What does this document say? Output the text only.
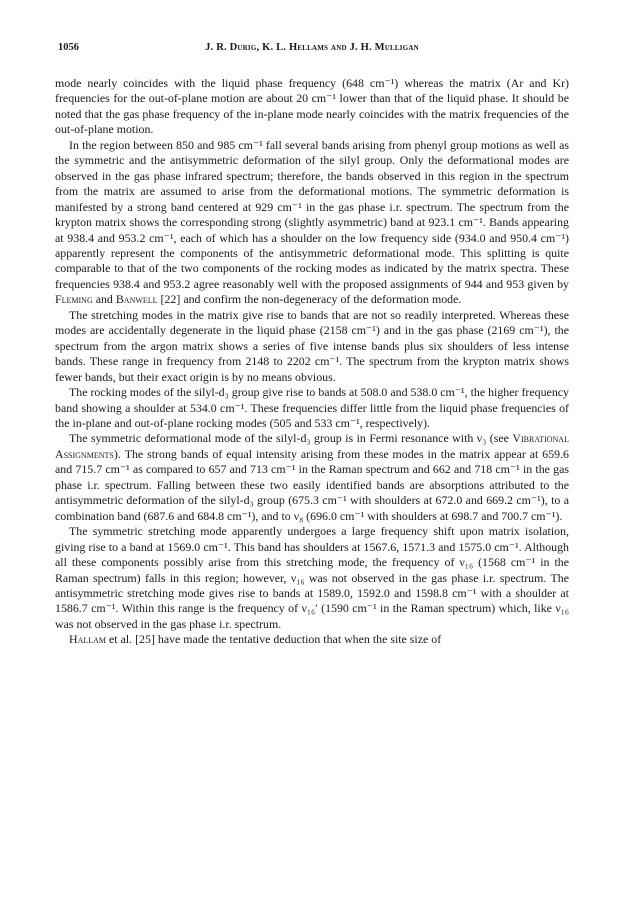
1056	J. R. Durig, K. L. Hellams and J. H. Mulligan

mode nearly coincides with the liquid phase frequency (648 cm⁻¹) whereas the matrix (Ar and Kr) frequencies for the out-of-plane motion are about 20 cm⁻¹ lower than that of the liquid phase. It should be noted that the gas phase frequency of the in-plane mode nearly coincides with the matrix frequencies of the out-of-plane motion.

In the region between 850 and 985 cm⁻¹ fall several bands arising from phenyl group motions as well as the symmetric and the antisymmetric deformation of the silyl group. Only the deformational modes are observed in the gas phase infrared spectrum; therefore, the bands observed in this region in the spectrum from the matrix are assumed to arise from the deformational motions. The symmetric deformation is manifested by a strong band centered at 929 cm⁻¹ in the gas phase i.r. spectrum. The spectrum from the krypton matrix shows the corresponding strong (slightly asymmetric) band at 923.1 cm⁻¹. Bands appearing at 938.4 and 953.2 cm⁻¹, each of which has a shoulder on the low frequency side (934.0 and 950.4 cm⁻¹) apparently represent the components of the antisymmetric deformational mode. This splitting is quite comparable to that of the two components of the rocking modes as indicated by the matrix spectra. These frequencies 938.4 and 953.2 agree reasonably well with the proposed assignments of 944 and 953 given by Fleming and Banwell [22] and confirm the non-degeneracy of the deformation mode.

The stretching modes in the matrix give rise to bands that are not so readily interpreted. Whereas these modes are accidentally degenerate in the liquid phase (2158 cm⁻¹) and in the gas phase (2169 cm⁻¹), the spectrum from the argon matrix shows a series of five intense bands plus six shoulders of less intense bands. These range in frequency from 2148 to 2202 cm⁻¹. The spectrum from the krypton matrix shows fewer bands, but their exact origin is by no means obvious.

The rocking modes of the silyl-d₃ group give rise to bands at 508.0 and 538.0 cm⁻¹, the higher frequency band showing a shoulder at 534.0 cm⁻¹. These frequencies differ little from the liquid phase frequencies of the in-plane and out-of-plane rocking modes (505 and 533 cm⁻¹, respectively).

The symmetric deformational mode of the silyl-d₃ group is in Fermi resonance with ν₃ (see Vibrational Assignments). The strong bands of equal intensity arising from these modes in the matrix appear at 659.6 and 715.7 cm⁻¹ as compared to 657 and 713 cm⁻¹ in the Raman spectrum and 662 and 718 cm⁻¹ in the gas phase i.r. spectrum. Falling between these two easily identified bands are absorptions attributed to the antisymmetric deformation of the silyl-d₃ group (675.3 cm⁻¹ with shoulders at 672.0 and 669.2 cm⁻¹), to a combination band (687.6 and 684.8 cm⁻¹), and to ν₈ (696.0 cm⁻¹ with shoulders at 698.7 and 700.7 cm⁻¹).

The symmetric stretching mode apparently undergoes a large frequency shift upon matrix isolation, giving rise to a band at 1569.0 cm⁻¹. This band has shoulders at 1567.6, 1571.3 and 1575.0 cm⁻¹. Although all these components possibly arise from this stretching mode, the frequency of ν₁₆ (1568 cm⁻¹ in the Raman spectrum) falls in this region; however, ν₁₆ was not observed in the gas phase i.r. spectrum. The antisymmetric stretching mode gives rise to bands at 1589.0, 1592.0 and 1598.8 cm⁻¹ with a shoulder at 1586.7 cm⁻¹. Within this range is the frequency of ν₁₆′ (1590 cm⁻¹ in the Raman spectrum) which, like ν₁₆ was not observed in the gas phase i.r. spectrum.

Hallam et al. [25] have made the tentative deduction that when the site size of
